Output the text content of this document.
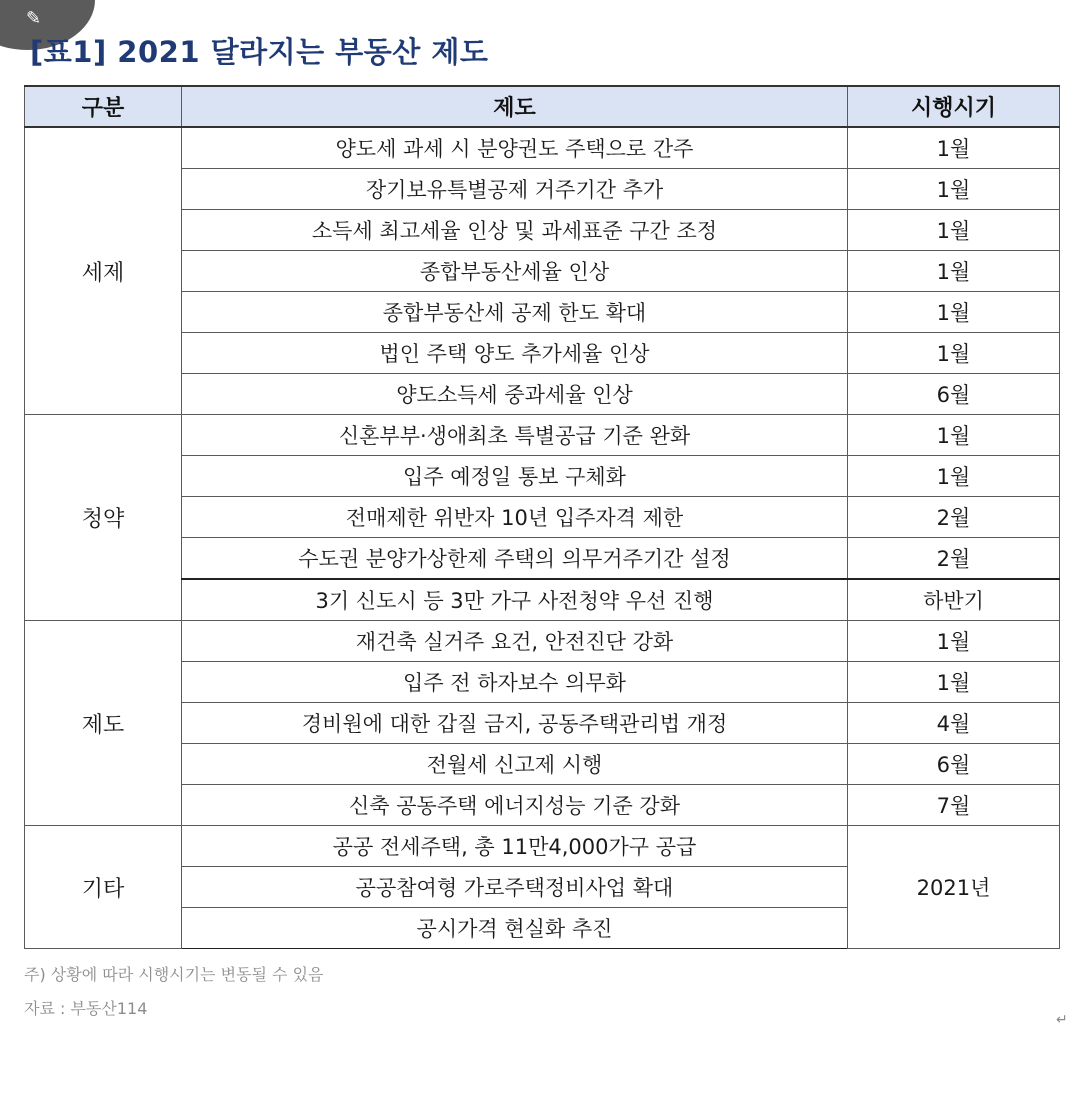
✎
[표1] 2021 달라지는 부동산 제도
구분	제도	시행시기
세제	양도세 과세 시 분양권도 주택으로 간주	1월
	장기보유특별공제 거주기간 추가	1월
	소득세 최고세율 인상 및 과세표준 구간 조정	1월
	종합부동산세율 인상	1월
	종합부동산세 공제 한도 확대	1월
	법인 주택 양도 추가세율 인상	1월
	양도소득세 중과세율 인상	6월
청약	신혼부부·생애최초 특별공급 기준 완화	1월
	입주 예정일 통보 구체화	1월
	전매제한 위반자 10년 입주자격 제한	2월
	수도권 분양가상한제 주택의 의무거주기간 설정	2월
	3기 신도시 등 3만 가구 사전청약 우선 진행	하반기
제도	재건축 실거주 요건, 안전진단 강화	1월
	입주 전 하자보수 의무화	1월
	경비원에 대한 갑질 금지, 공동주택관리법 개정	4월
	전월세 신고제 시행	6월
	신축 공동주택 에너지성능 기준 강화	7월
기타	공공 전세주택, 총 11만4,000가구 공급	2021년
	공공참여형 가로주택정비사업 확대	
	공시가격 현실화 추진	
주) 상황에 따라 시행시기는 변동될 수 있음
자료 : 부동산114
↵
